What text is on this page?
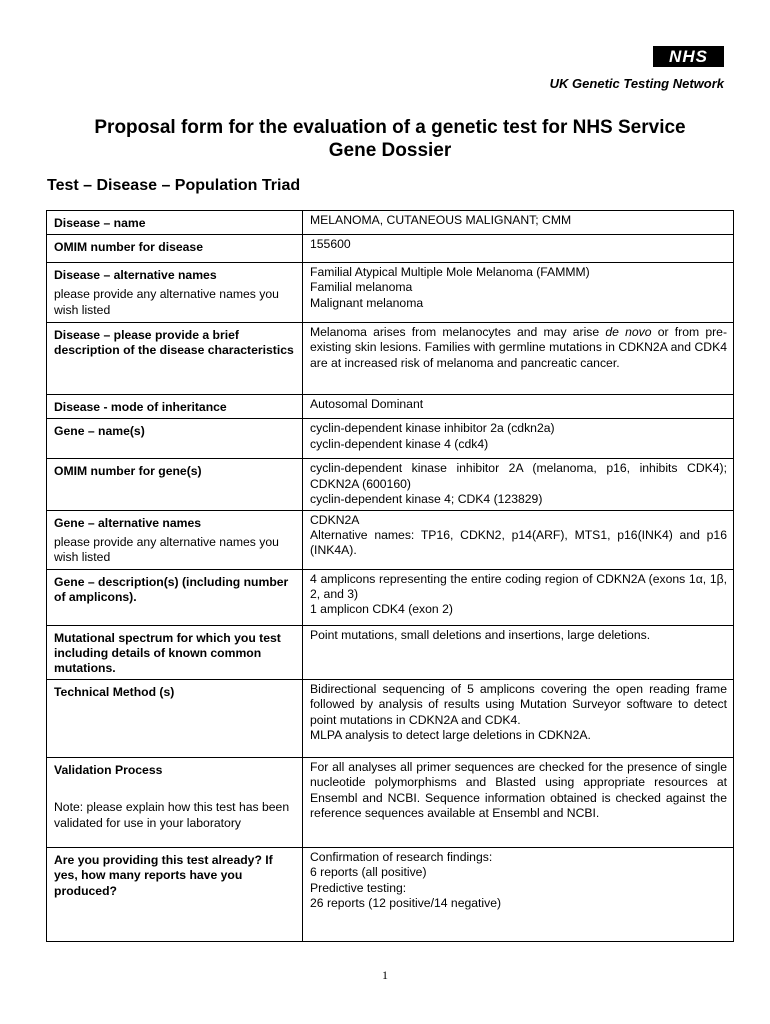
NHS
UK Genetic Testing Network
Proposal form for the evaluation of a genetic test for NHS Service
Gene Dossier
Test – Disease – Population Triad
Disease – name	MELANOMA, CUTANEOUS MALIGNANT; CMM

OMIM number for disease	155600

Disease – alternative names
please provide any alternative names you wish listed	Familial Atypical Multiple Mole Melanoma (FAMMM)
Familial melanoma
Malignant melanoma

Disease – please provide a brief description of the disease characteristics	Melanoma arises from melanocytes and may arise de novo or from pre-existing skin lesions. Families with germline mutations in CDKN2A and CDK4 are at increased risk of melanoma and pancreatic cancer.

Disease - mode of inheritance	Autosomal Dominant

Gene – name(s)	cyclin-dependent kinase inhibitor 2a (cdkn2a)
cyclin-dependent kinase 4 (cdk4)

OMIM number for gene(s)	cyclin-dependent kinase inhibitor 2A (melanoma, p16, inhibits CDK4); CDKN2A (600160)
cyclin-dependent kinase 4; CDK4 (123829)

Gene – alternative names
please provide any alternative names you wish listed	CDKN2A
Alternative names: TP16, CDKN2, p14(ARF), MTS1, p16(INK4) and p16 (INK4A).

Gene – description(s) (including number of amplicons).	4 amplicons representing the entire coding region of CDKN2A (exons 1α, 1β, 2, and 3)
1 amplicon CDK4 (exon 2)

Mutational spectrum for which you test including details of known common mutations.	Point mutations, small deletions and insertions, large deletions.

Technical Method (s)	Bidirectional sequencing of 5 amplicons covering the open reading frame followed by analysis of results using Mutation Surveyor software to detect point mutations in CDKN2A and CDK4.
MLPA analysis to detect large deletions in CDKN2A.

Validation Process
Note: please explain how this test has been validated for use in your laboratory	For all analyses all primer sequences are checked for the presence of single nucleotide polymorphisms and Blasted using appropriate resources at Ensembl and NCBI. Sequence information obtained is checked against the reference sequences available at Ensembl and NCBI.

Are you providing this test already? If yes, how many reports have you produced?	Confirmation of research findings:
6 reports (all positive)
Predictive testing:
26 reports (12 positive/14 negative)
1
